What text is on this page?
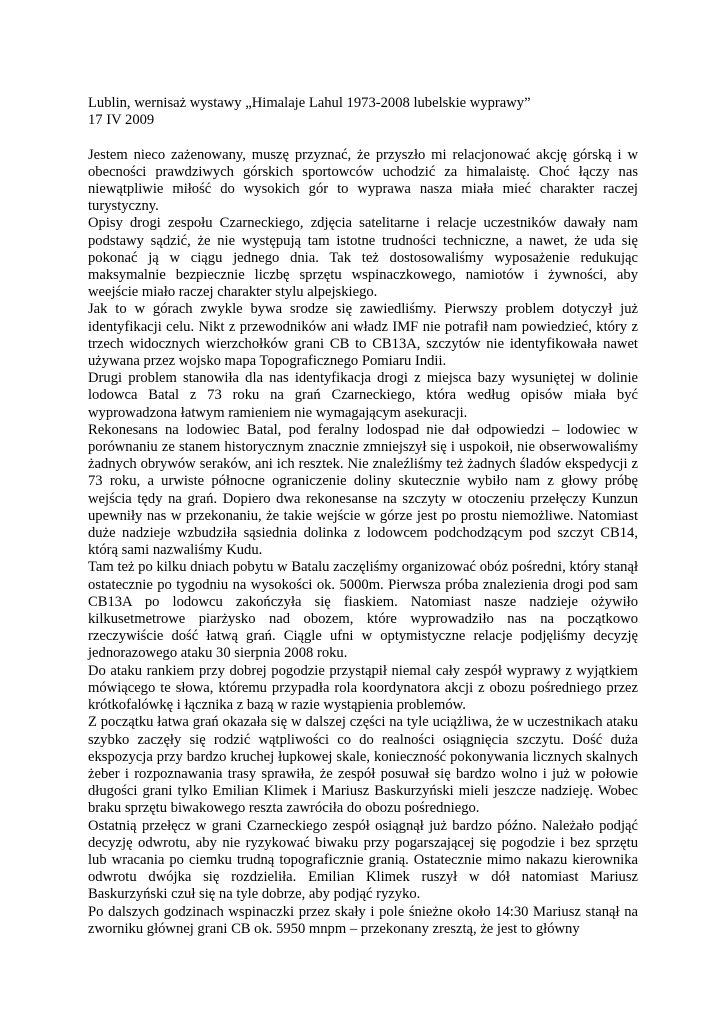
Lublin, wernisaż wystawy „Himalaje Lahul 1973-2008 lubelskie wyprawy”

17 IV 2009

Jestem nieco zażenowany, muszę przyznać, że przyszło mi relacjonować akcję górską i w obecności prawdziwych górskich sportowców uchodzić za himalaistę. Choć łączy nas niewątpliwie miłość do wysokich gór to wyprawa nasza miała mieć charakter raczej turystyczny.

Opisy drogi zespołu Czarneckiego, zdjęcia satelitarne i relacje uczestników dawały nam podstawy sądzić, że nie występują tam istotne trudności techniczne, a nawet, że uda się pokonać ją w ciągu jednego dnia. Tak też dostosowaliśmy wyposażenie redukując maksymalnie bezpiecznie liczbę sprzętu wspinaczkowego, namiotów i żywności, aby weejście miało raczej charakter stylu alpejskiego.

Jak to w górach zwykle bywa srodze się zawiedliśmy. Pierwszy problem dotyczył już identyfikacji celu. Nikt z przewodników ani władz IMF nie potrafił nam powiedzieć, który z trzech widocznych wierzchołków grani CB to CB13A, szczytów nie identyfikowała nawet używana przez wojsko mapa Topograficznego Pomiaru Indii.

Drugi problem stanowiła dla nas identyfikacja drogi z miejsca bazy wysuniętej w dolinie lodowca Batal z 73 roku na grań Czarneckiego, która według opisów miała być wyprowadzona łatwym ramieniem nie wymagającym asekuracji.

Rekonesans na lodowiec Batal, pod feralny lodospad nie dał odpowiedzi – lodowiec w porównaniu ze stanem historycznym znacznie zmniejszył się i uspokoił, nie obserwowaliśmy żadnych obrywów seraków, ani ich resztek. Nie znaleźliśmy też żadnych śladów ekspedycji z 73 roku, a urwiste północne ograniczenie doliny skutecznie wybiło nam z głowy próbę wejścia tędy na grań. Dopiero dwa rekonesanse na szczyty w otoczeniu przełęczy Kunzun upewniły nas w przekonaniu, że takie wejście w górze jest po prostu niemożliwe. Natomiast duże nadzieje wzbudziła sąsiednia dolinka z lodowcem podchodzącym pod szczyt CB14, którą sami nazwaliśmy Kudu.

Tam też po kilku dniach pobytu w Batalu zaczęliśmy organizować obóz pośredni, który stanął ostatecznie po tygodniu na wysokości ok. 5000m. Pierwsza próba znalezienia drogi pod sam CB13A po lodowcu zakończyła się fiaskiem. Natomiast nasze nadzieje ożywiło kilkusetmetrowe piarżysko nad obozem, które wyprowadziło nas na początkowo rzeczywiście dość łatwą grań. Ciągle ufni w optymistyczne relacje podjęliśmy decyzję jednorazowego ataku 30 sierpnia 2008 roku.

Do ataku rankiem przy dobrej pogodzie przystąpił niemal cały zespół wyprawy z wyjątkiem mówiącego te słowa, któremu przypadła rola koordynatora akcji z obozu pośredniego przez krótkofalówkę i łącznika z bazą w razie wystąpienia problemów.

Z początku łatwa grań okazała się w dalszej części na tyle uciążliwa, że w uczestnikach ataku szybko zaczęły się rodzić wątpliwości co do realności osiągnięcia szczytu. Dość duża ekspozycja przy bardzo kruchej łupkowej skale, konieczność pokonywania licznych skalnych żeber i rozpoznawania trasy sprawiła, że zespół posuwał się bardzo wolno i już w połowie długości grani tylko Emilian Klimek i Mariusz Baskurzyński mieli jeszcze nadzieję. Wobec braku sprzętu biwakowego reszta zawróciła do obozu pośredniego.

Ostatnią przełęcz w grani Czarneckiego zespół osiągnął już bardzo późno. Należało podjąć decyzję odwrotu, aby nie ryzykować biwaku przy pogarszającej się pogodzie i bez sprzętu lub wracania po ciemku trudną topograficznie granią. Ostatecznie mimo nakazu kierownika odwrotu dwójka się rozdzieliła. Emilian Klimek ruszył w dół natomiast Mariusz Baskurzyński czuł się na tyle dobrze, aby podjąć ryzyko.

Po dalszych godzinach wspinaczki przez skały i pole śnieżne około 14:30 Mariusz stanął na zworniku głównej grani CB ok. 5950 mnpm – przekonany zresztą, że jest to główny
